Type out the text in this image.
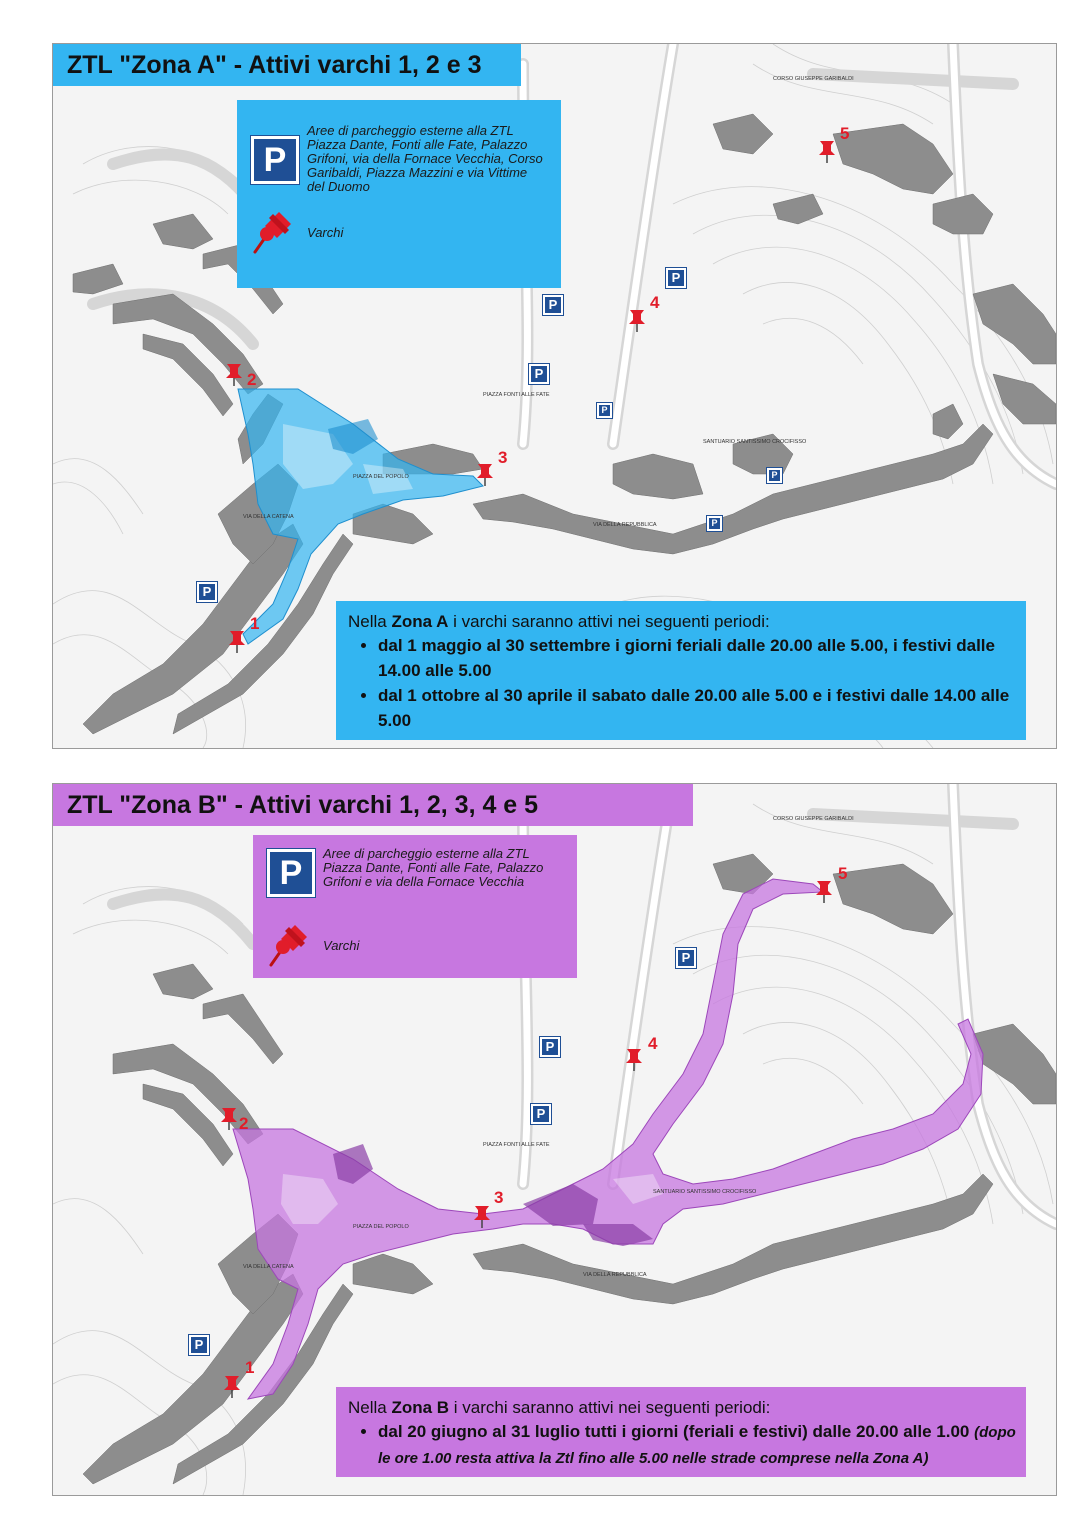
CORSO GIUSEPPE GARIBALDI
PIAZZA FONTI ALLE FATE
VIA DELLA REPUBBLICA
PIAZZA DEL POPOLO
VIA DELLA CATENA
SANTUARIO SANTISSIMO CROCIFISSO
ZTL "Zona A" - Attivi varchi 1, 2 e 3
P
Aree di parcheggio esterne alla ZTL
Piazza Dante, Fonti alle Fate, Palazzo Grifoni, via della Fornace Vecchia, Corso Garibaldi, Piazza Mazzini e via Vittime del Duomo
Varchi
P
P
P
P
P
P
P
1
2
3
4
5
Nella Zona A i varchi saranno attivi nei seguenti periodi:
• dal 1 maggio al 30 settembre i giorni feriali dalle 20.00 alle 5.00, i festivi dalle 14.00 alle 5.00
• dal 1 ottobre al 30 aprile il sabato dalle 20.00 alle 5.00 e i festivi dalle 14.00 alle 5.00
CORSO GIUSEPPE GARIBALDI
PIAZZA FONTI ALLE FATE
VIA DELLA REPUBBLICA
PIAZZA DEL POPOLO
VIA DELLA CATENA
SANTUARIO SANTISSIMO CROCIFISSO
ZTL "Zona B" - Attivi varchi 1, 2, 3, 4 e 5
P
Aree di parcheggio esterne alla ZTL
Piazza Dante, Fonti alle Fate, Palazzo Grifoni e via della Fornace Vecchia
Varchi
P
P
P
P
1
2
3
4
5
Nella Zona B i varchi saranno attivi nei seguenti periodi:
• dal 20 giugno al 31 luglio tutti i giorni (feriali e festivi) dalle 20.00 alle 1.00 (dopo le ore 1.00 resta attiva la Ztl fino alle 5.00 nelle strade comprese nella Zona A)
